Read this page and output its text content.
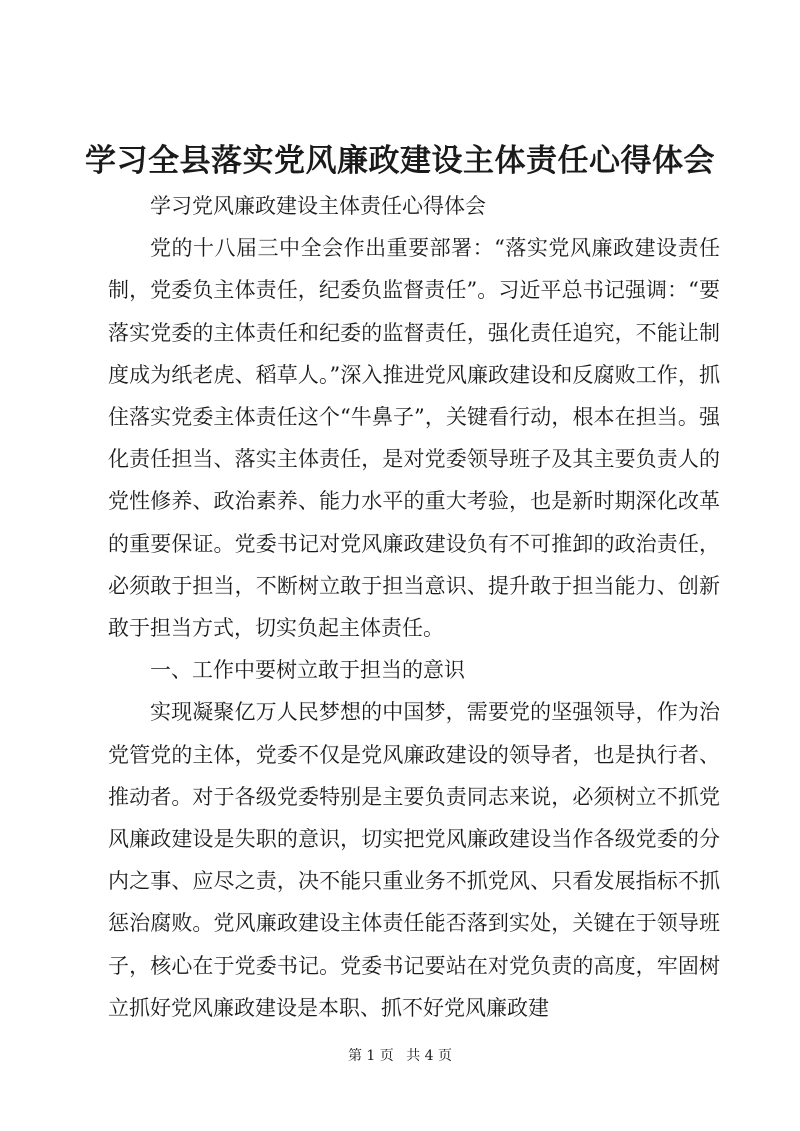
学习全县落实党风廉政建设主体责任心得体会

学习党风廉政建设主体责任心得体会

党的十八届三中全会作出重要部署：“落实党风廉政建设责任制，党委负主体责任，纪委负监督责任”。习近平总书记强调：“要落实党委的主体责任和纪委的监督责任，强化责任追究，不能让制度成为纸老虎、稻草人。”深入推进党风廉政建设和反腐败工作，抓住落实党委主体责任这个“牛鼻子”，关键看行动，根本在担当。强化责任担当、落实主体责任，是对党委领导班子及其主要负责人的党性修养、政治素养、能力水平的重大考验，也是新时期深化改革的重要保证。党委书记对党风廉政建设负有不可推卸的政治责任，必须敢于担当，不断树立敢于担当意识、提升敢于担当能力、创新敢于担当方式，切实负起主体责任。

一、工作中要树立敢于担当的意识

实现凝聚亿万人民梦想的中国梦，需要党的坚强领导，作为治党管党的主体，党委不仅是党风廉政建设的领导者，也是执行者、推动者。对于各级党委特别是主要负责同志来说，必须树立不抓党风廉政建设是失职的意识，切实把党风廉政建设当作各级党委的分内之事、应尽之责，决不能只重业务不抓党风、只看发展指标不抓惩治腐败。党风廉政建设主体责任能否落到实处，关键在于领导班子，核心在于党委书记。党委书记要站在对党负责的高度，牢固树立抓好党风廉政建设是本职、抓不好党风廉政建

第 1 页 共 4 页
